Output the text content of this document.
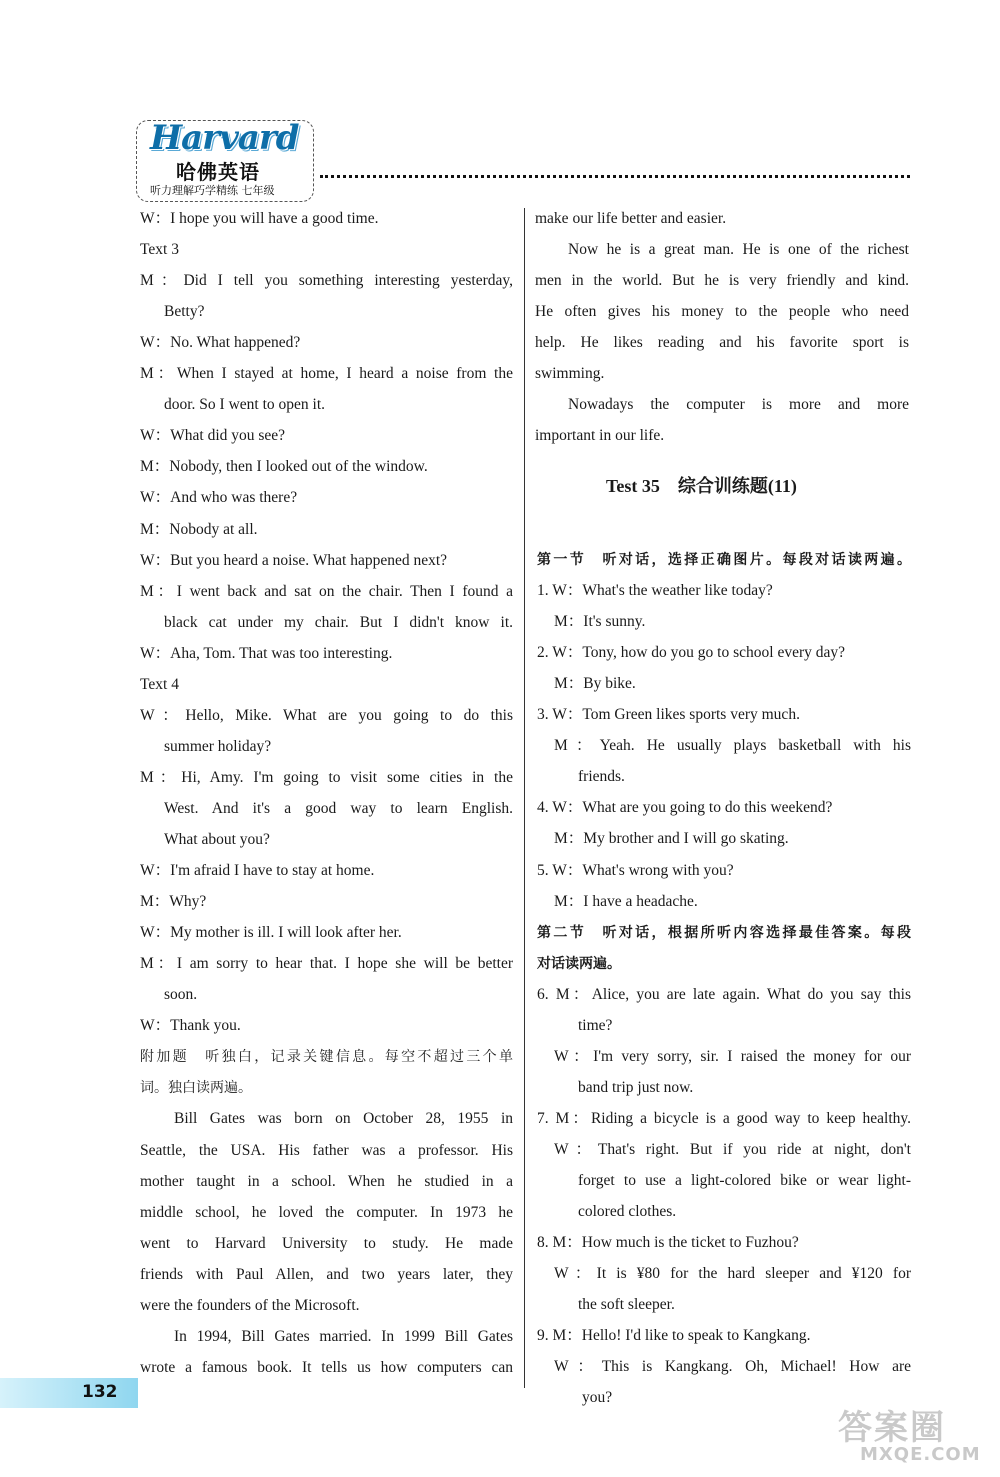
Harvard
哈佛英语
听力理解巧学精练 七年级
W：I hope you will have a good time.
Text 3
M：Did I tell you something interesting yesterday,
Betty?
W：No. What happened?
M：When I stayed at home, I heard a noise from the
door. So I went to open it.
W：What did you see?
M：Nobody, then I looked out of the window.
W：And who was there?
M：Nobody at all.
W：But you heard a noise. What happened next?
M：I went back and sat on the chair. Then I found a
black cat under my chair. But I didn't know it.
W：Aha, Tom. That was too interesting.
Text 4
W：Hello, Mike. What are you going to do this
summer holiday?
M：Hi, Amy. I'm going to visit some cities in the
West. And it's a good way to learn English.
What about you?
W：I'm afraid I have to stay at home.
M：Why?
W：My mother is ill. I will look after her.
M：I am sorry to hear that. I hope she will be better
soon.
W：Thank you.
附加题　听独白，记录关键信息。每空不超过三个单
词。独白读两遍。
Bill Gates was born on October 28, 1955 in
Seattle, the USA. His father was a professor. His
mother taught in a school. When he studied in a
middle school, he loved the computer. In 1973 he
went to Harvard University to study. He made
friends with Paul Allen, and two years later, they
were the founders of the Microsoft.
In 1994, Bill Gates married. In 1999 Bill Gates
wrote a famous book. It tells us how computers can
make our life better and easier.
Now he is a great man. He is one of the richest
men in the world. But he is very friendly and kind.
He often gives his money to the people who need
help. He likes reading and his favorite sport is
swimming.
Nowadays the computer is more and more
important in our life.
第一节　听对话，选择正确图片。每段对话读两遍。
1. W：What's the weather like today?
M：It's sunny.
2. W：Tony, how do you go to school every day?
M：By bike.
3. W：Tom Green likes sports very much.
M：Yeah. He usually plays basketball with his
friends.
4. W：What are you going to do this weekend?
M：My brother and I will go skating.
5. W：What's wrong with you?
M：I have a headache.
第二节　听对话，根据所听内容选择最佳答案。每段
对话读两遍。
6. M：Alice, you are late again. What do you say this
time?
W：I'm very sorry, sir. I raised the money for our
band trip just now.
7. M：Riding a bicycle is a good way to keep healthy.
W：That's right. But if you ride at night, don't
forget to use a light-colored bike or wear light-
colored clothes.
8. M：How much is the ticket to Fuzhou?
W：It is ¥80 for the hard sleeper and ¥120 for
the soft sleeper.
9. M：Hello! I'd like to speak to Kangkang.
W：This is Kangkang. Oh, Michael! How are
you?
Test 35　综合训练题(11)
132
答案圈
MXQE.COM
